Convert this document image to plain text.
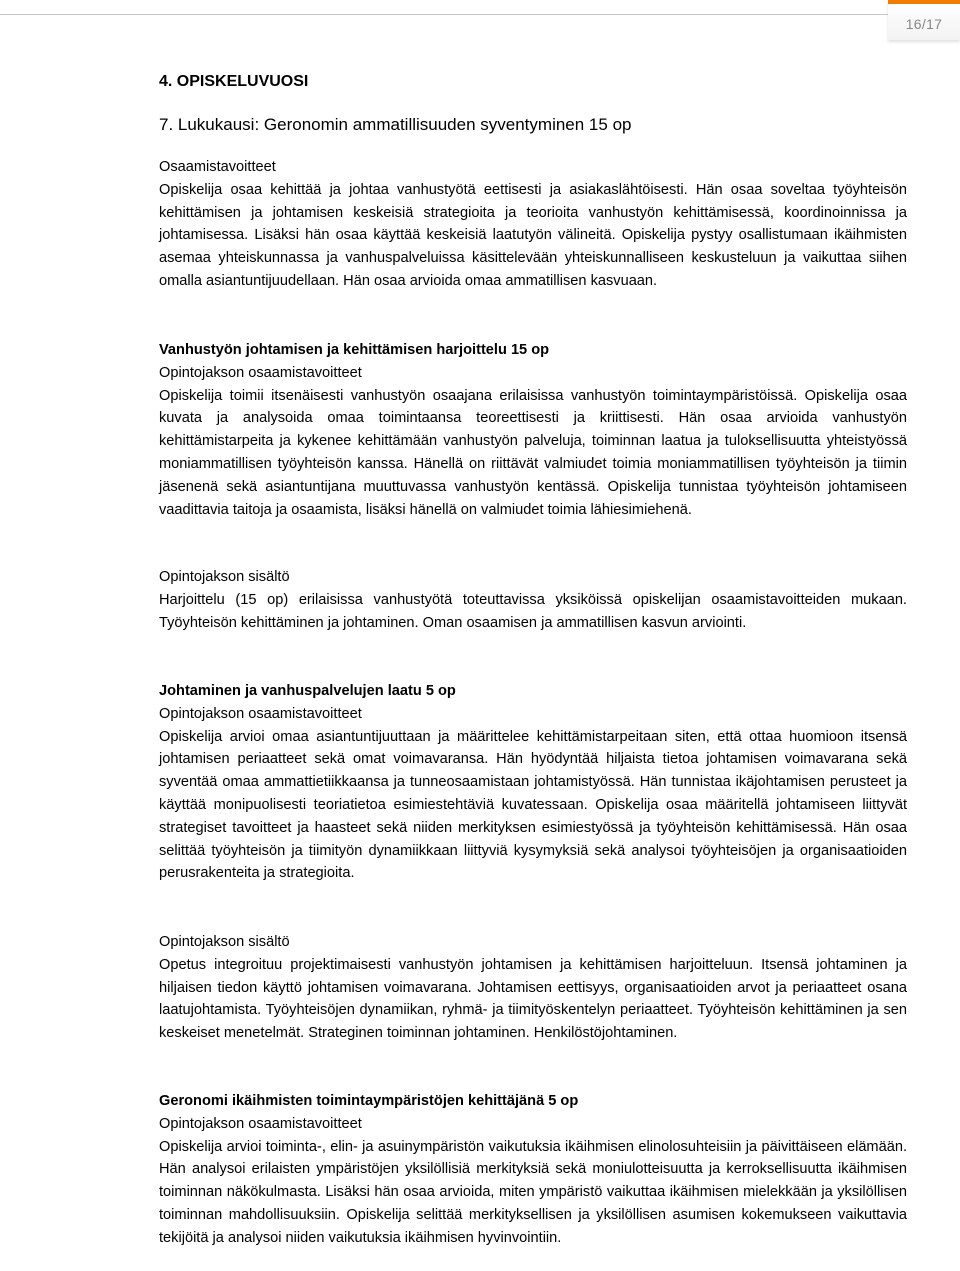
16/17
4. OPISKELUVUOSI
7. Lukukausi: Geronomin ammatillisuuden syventyminen 15 op
Osaamistavoitteet

Opiskelija osaa kehittää ja johtaa vanhustyötä eettisesti ja asiakaslähtöisesti. Hän osaa soveltaa työyhteisön kehittämisen ja johtamisen keskeisiä strategioita ja teorioita vanhustyön kehittämisessä, koordinoinnissa ja johtamisessa. Lisäksi hän osaa käyttää keskeisiä laatutyön välineitä. Opiskelija pystyy osallistumaan ikäihmisten asemaa yhteiskunnassa ja vanhuspalveluissa käsittelevään yhteiskunnalliseen keskusteluun ja vaikuttaa siihen omalla asiantuntijuudellaan. Hän osaa arvioida omaa ammatillisen kasvuaan.

Vanhustyön johtamisen ja kehittämisen harjoittelu 15 op
Opintojakson osaamistavoitteet

Opiskelija toimii itsenäisesti vanhustyön osaajana erilaisissa vanhustyön toimintaympäristöissä. Opiskelija osaa kuvata ja analysoida omaa toimintaansa teoreettisesti ja kriittisesti. Hän osaa arvioida vanhustyön kehittämistarpeita ja kykenee kehittämään vanhustyön palveluja, toiminnan laatua ja tuloksellisuutta yhteistyössä moniammatillisen työyhteisön kanssa. Hänellä on riittävät valmiudet toimia moniammatillisen työyhteisön ja tiimin jäsenenä sekä asiantuntijana muuttuvassa vanhustyön kentässä. Opiskelija tunnistaa työyhteisön johtamiseen vaadittavia taitoja ja osaamista, lisäksi hänellä on valmiudet toimia lähiesimiehenä.

Opintojakson sisältö

Harjoittelu (15 op) erilaisissa vanhustyötä toteuttavissa yksiköissä opiskelijan osaamistavoitteiden mukaan. Työyhteisön kehittäminen ja johtaminen. Oman osaamisen ja ammatillisen kasvun arviointi.

Johtaminen ja vanhuspalvelujen laatu 5 op
Opintojakson osaamistavoitteet

Opiskelija arvioi omaa asiantuntijuuttaan ja määrittelee kehittämistarpeitaan siten, että ottaa huomioon itsensä johtamisen periaatteet sekä omat voimavaransa. Hän hyödyntää hiljaista tietoa johtamisen voimavarana sekä syventää omaa ammattietiikkaansa ja tunneosaamistaan johtamistyössä. Hän tunnistaa ikäjohtamisen perusteet ja käyttää monipuolisesti teoriatietoa esimiestehtäviä kuvatessaan. Opiskelija osaa määritellä johtamiseen liittyvät strategiset tavoitteet ja haasteet sekä niiden merkityksen esimiestyössä ja työyhteisön kehittämisessä. Hän osaa selittää työyhteisön ja tiimityön dynamiikkaan liittyviä kysymyksiä sekä analysoi työyhteisöjen ja organisaatioiden perusrakenteita ja strategioita.

Opintojakson sisältö

Opetus integroituu projektimaisesti vanhustyön johtamisen ja kehittämisen harjoitteluun. Itsensä johtaminen ja hiljaisen tiedon käyttö johtamisen voimavarana. Johtamisen eettisyys, organisaatioiden arvot ja periaatteet osana laatujohtamista. Työyhteisöjen dynamiikan, ryhmä- ja tiimityöskentelyn periaatteet. Työyhteisön kehittäminen ja sen keskeiset menetelmät. Strateginen toiminnan johtaminen. Henkilöstöjohtaminen.

Geronomi ikäihmisten toimintaympäristöjen kehittäjänä 5 op
Opintojakson osaamistavoitteet

Opiskelija arvioi toiminta-, elin- ja asuinympäristön vaikutuksia ikäihmisen elinolosuhteisiin ja päivittäiseen elämään. Hän analysoi erilaisten ympäristöjen yksilöllisiä merkityksiä sekä moniulotteisuutta ja kerroksellisuutta ikäihmisen toiminnan näkökulmasta. Lisäksi hän osaa arvioida, miten ympäristö vaikuttaa ikäihmisen mielekkään ja yksilöllisen toiminnan mahdollisuuksiin. Opiskelija selittää merkityksellisen ja yksilöllisen asumisen kokemukseen vaikuttavia tekijöitä ja analysoi niiden vaikutuksia ikäihmisen hyvinvointiin.
